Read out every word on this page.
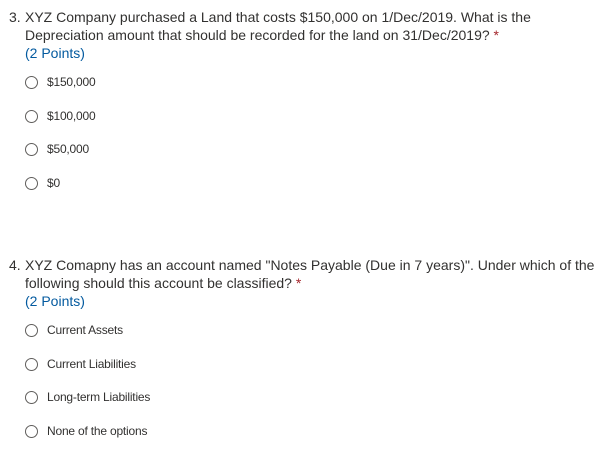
3. XYZ Company purchased a Land that costs $150,000 on 1/Dec/2019. What is the Depreciation amount that should be recorded for the land on 31/Dec/2019? *
(2 Points)
$150,000
$100,000
$50,000
$0
4. XYZ Comapny has an account named "Notes Payable (Due in 7 years)". Under which of the following should this account be classified? *
(2 Points)
Current Assets
Current Liabilities
Long-term Liabilities
None of the options
